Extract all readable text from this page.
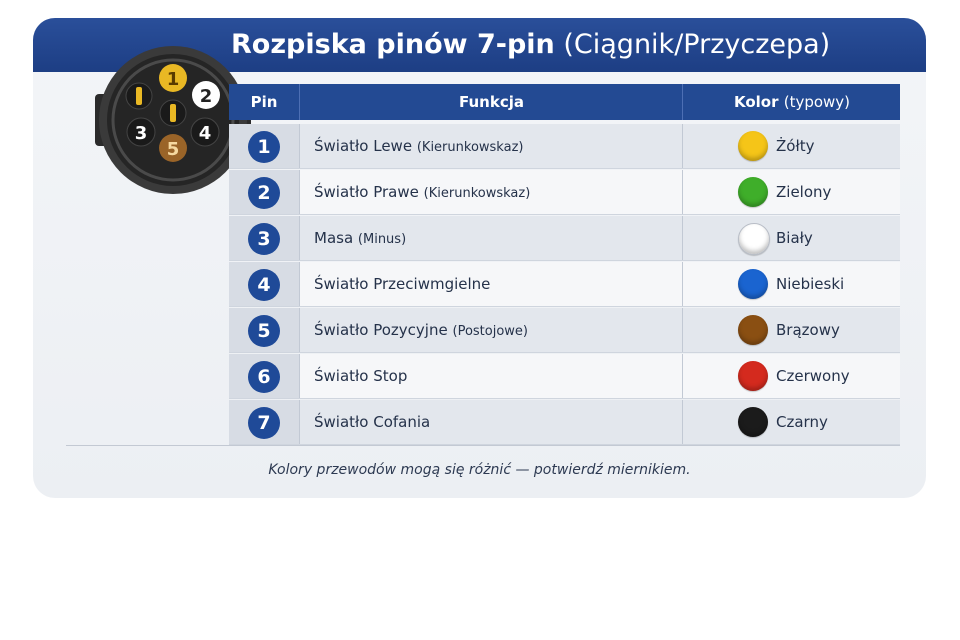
Rozpiska pinów 7-pin (Ciągnik/Przyczepa)
1
2
3	4
5
Pin	Funkcja	Kolor (typowy)
1	Światło Lewe (Kierunkowskaz)	Żółty
2	Światło Prawe (Kierunkowskaz)	Zielony
3	Masa (Minus)	Biały
4	Światło Przeciwmgielne	Niebieski
5	Światło Pozycyjne (Postojowe)	Brązowy
6	Światło Stop	Czerwony
7	Światło Cofania	Czarny
Kolory przewodów mogą się różnić — potwierdź miernikiem.
